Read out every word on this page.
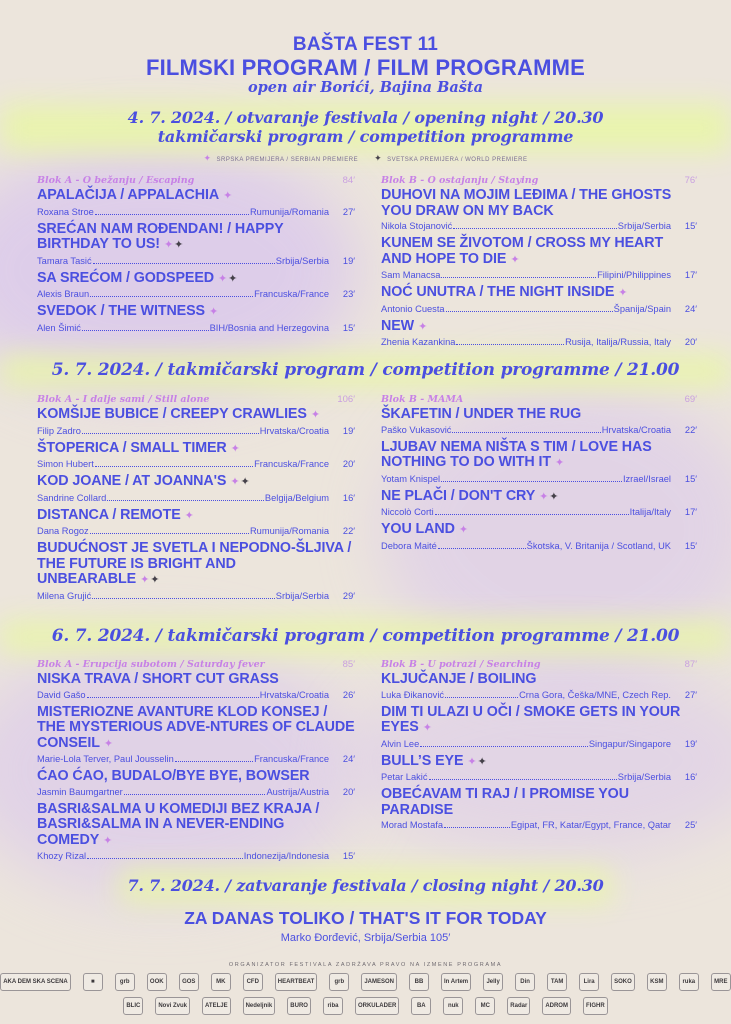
BAŠTA FEST 11
FILMSKI PROGRAM / FILM PROGRAMME
open air Borići, Bajina Bašta
4. 7. 2024. / otvaranje festivala / opening night / 20.30
takmičarski program / competition programme
✦ SRPSKA PREMIJERA / SERBIAN PREMIERE ✦ SVETSKA PREMIJERA / WORLD PREMIERE
Blok A - O bežanju / Escaping	84′
APALAČIJA / APPALACHIA ✦
Roxana Stroe	Rumunija/Romania	27′
SREĆAN NAM ROĐENDAN! / HAPPY BIRTHDAY TO US! ✦✦
Tamara Tasić	Srbija/Serbia	19′
SA SREĆOM / GODSPEED ✦✦
Alexis Braun	Francuska/France	23′
SVEDOK / THE WITNESS ✦
Alen Šimić	BIH/Bosnia and Herzegovina	15′
Blok B - O ostajanju / Staying	76′
DUHOVI NA MOJIM LEĐIMA / THE GHOSTS YOU DRAW ON MY BACK
Nikola Stojanović	Srbija/Serbia	15′
KUNEM SE ŽIVOTOM / CROSS MY HEART AND HOPE TO DIE ✦
Sam Manacsa	Filipini/Philippines	17′
NOĆ UNUTRA / THE NIGHT INSIDE ✦
Antonio Cuesta	Španija/Spain	24′
NEW ✦
Zhenia Kazankina	Rusija, Italija/Russia, Italy	20′
5. 7. 2024. / takmičarski program / competition programme / 21.00
Blok A - I dalje sami / Still alone	106′
KOMŠIJE BUBICE / CREEPY CRAWLIES ✦
Filip Zadro	Hrvatska/Croatia	19′
ŠTOPERICA / SMALL TIMER ✦
Simon Hubert	Francuska/France	20′
KOD JOANE / AT JOANNA'S ✦✦
Sandrine Collard	Belgija/Belgium	16′
DISTANCA / REMOTE ✦
Dana Rogoz	Rumunija/Romania	22′
BUDUĆNOST JE SVETLA I NEPODNO-ŠLJIVA / THE FUTURE IS BRIGHT AND UNBEARABLE ✦✦
Milena Grujić	Srbija/Serbia	29′
Blok B - MAMA	69′
ŠKAFETIN / UNDER THE RUG
Paško Vukasović	Hrvatska/Croatia	22′
LJUBAV NEMA NIŠTA S TIM / LOVE HAS NOTHING TO DO WITH IT ✦
Yotam Knispel	Izrael/Israel	15′
NE PLAČI / DON'T CRY ✦✦
Niccolò Corti	Italija/Italy	17′
YOU LAND ✦
Debora Maité	Škotska, V. Britanija / Scotland, UK	15′
6. 7. 2024. / takmičarski program / competition programme / 21.00
Blok A - Erupcija subotom / Saturday fever	85′
NISKA TRAVA / SHORT CUT GRASS
David Gašo	Hrvatska/Croatia	26′
MISTERIOZNE AVANTURE KLOD KONSEJ / THE MYSTERIOUS ADVE-NTURES OF CLAUDE CONSEIL ✦
Marie-Lola Terver, Paul Jousselin	Francuska/France	24′
ĆAO ĆAO, BUDALO/BYE BYE, BOWSER
Jasmin Baumgartner	Austrija/Austria	20′
BASRI&SALMA U KOMEDIJI BEZ KRAJA / BASRI&SALMA IN A NEVER-ENDING COMEDY ✦
Khozy Rizal	Indonezija/Indonesia	15′
Blok B - U potrazi / Searching	87′
KLJUČANJE / BOILING
Luka Đikanović	Crna Gora, Češka/MNE, Czech Rep.	27′
DIM TI ULAZI U OČI / SMOKE GETS IN YOUR EYES ✦
Alvin Lee	Singapur/Singapore	19′
BULL’S EYE ✦✦
Petar Lakić	Srbija/Serbia	16′
OBEĆAVAM TI RAJ / I PROMISE YOU PARADISE
Morad Mostafa	Egipat, FR, Katar/Egypt, France, Qatar	25′
7. 7. 2024. / zatvaranje festivala / closing night / 20.30
ZA DANAS TOLIKO / THAT'S IT FOR TODAY
Marko Đorđević, Srbija/Serbia 105′
ORGANIZATOR FESTIVALA ZADRŽAVA PRAVO NA IZMENE PROGRAMA
AKA DEM SKA SCENA	■	grb	OOK	GOS	MK	CFD	HEARTBEAT	grb	JAMESON	BB	In Artem	Jelly	Din	TAM	Lira	SOKO	KSM	ruka	MRE
BLIC	Novi Zvuk	ATELJE	Nedeljnik	BURO	riba	ORKULADER	BA	nuk	MC	Radar	ADROM	FIGHR
